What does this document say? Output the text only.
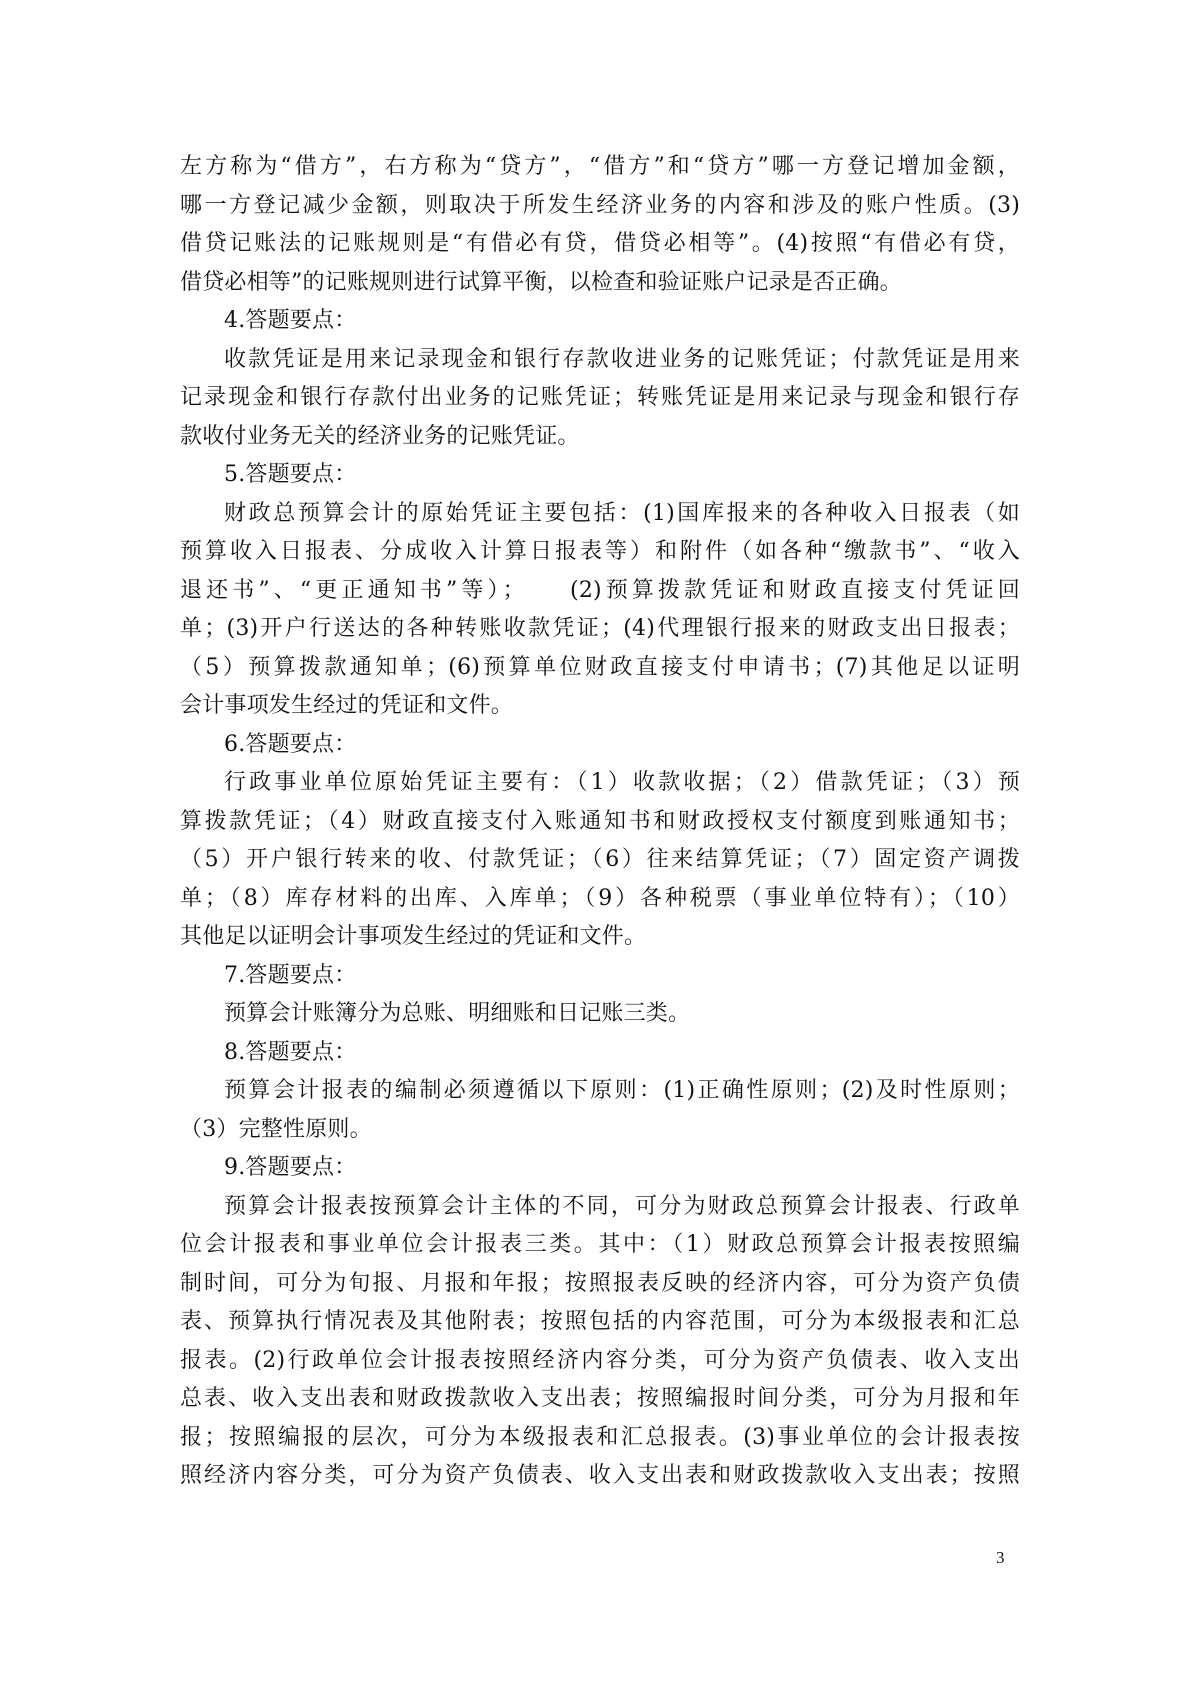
左方称为“借方”，右方称为“贷方”，“借方”和“贷方”哪一方登记增加金额，
哪一方登记减少金额，则取决于所发生经济业务的内容和涉及的账户性质。(3)
借贷记账法的记账规则是“有借必有贷，借贷必相等”。(4)按照“有借必有贷，
借贷必相等”的记账规则进行试算平衡，以检查和验证账户记录是否正确。
4.答题要点：
收款凭证是用来记录现金和银行存款收进业务的记账凭证；付款凭证是用来
记录现金和银行存款付出业务的记账凭证；转账凭证是用来记录与现金和银行存
款收付业务无关的经济业务的记账凭证。
5.答题要点：
财政总预算会计的原始凭证主要包括：(1)国库报来的各种收入日报表（如
预算收入日报表、分成收入计算日报表等）和附件（如各种“缴款书”、“收入
退还书”、“更正通知书”等）；　　(2)预算拨款凭证和财政直接支付凭证回
单；(3)开户行送达的各种转账收款凭证；(4)代理银行报来的财政支出日报表；
（5）预算拨款通知单；(6)预算单位财政直接支付申请书；(7)其他足以证明
会计事项发生经过的凭证和文件。
6.答题要点：
行政事业单位原始凭证主要有：（1）收款收据；（2）借款凭证；（3）预
算拨款凭证；（4）财政直接支付入账通知书和财政授权支付额度到账通知书；
（5）开户银行转来的收、付款凭证；（6）往来结算凭证；（7）固定资产调拨
单；（8）库存材料的出库、入库单；（9）各种税票（事业单位特有）；（10）
其他足以证明会计事项发生经过的凭证和文件。
7.答题要点：
预算会计账簿分为总账、明细账和日记账三类。
8.答题要点：
预算会计报表的编制必须遵循以下原则：(1)正确性原则；(2)及时性原则；
（3）完整性原则。
9.答题要点：
预算会计报表按预算会计主体的不同，可分为财政总预算会计报表、行政单
位会计报表和事业单位会计报表三类。其中：（1）财政总预算会计报表按照编
制时间，可分为旬报、月报和年报；按照报表反映的经济内容，可分为资产负债
表、预算执行情况表及其他附表；按照包括的内容范围，可分为本级报表和汇总
报表。(2)行政单位会计报表按照经济内容分类，可分为资产负债表、收入支出
总表、收入支出表和财政拨款收入支出表；按照编报时间分类，可分为月报和年
报；按照编报的层次，可分为本级报表和汇总报表。(3)事业单位的会计报表按
照经济内容分类，可分为资产负债表、收入支出表和财政拨款收入支出表；按照
3
